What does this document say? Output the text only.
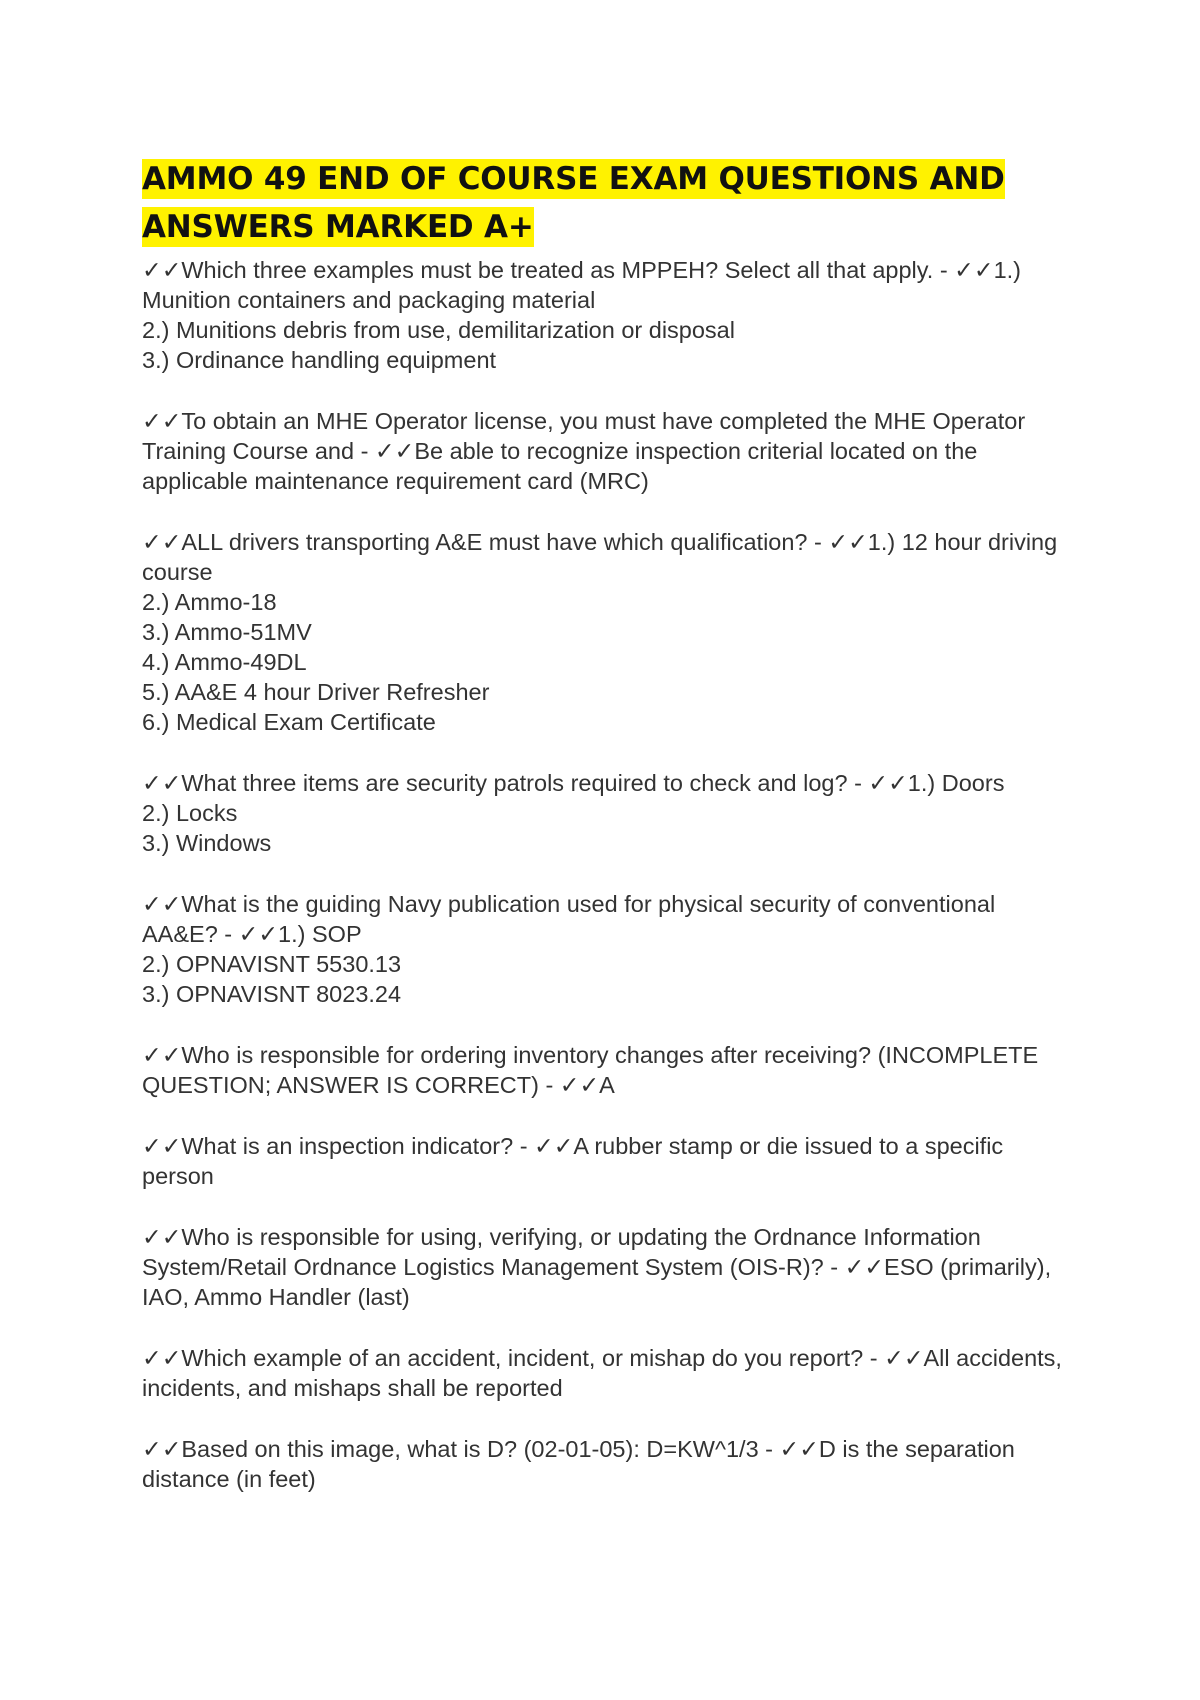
AMMO 49 END OF COURSE EXAM QUESTIONS AND
ANSWERS MARKED A+
✓✓Which three examples must be treated as MPPEH? Select all that apply. - ✓✓1.)
Munition containers and packaging material
2.) Munitions debris from use, demilitarization or disposal
3.) Ordinance handling equipment
✓✓To obtain an MHE Operator license, you must have completed the MHE Operator
Training Course and - ✓✓Be able to recognize inspection criterial located on the
applicable maintenance requirement card (MRC)
✓✓ALL drivers transporting A&E must have which qualification? - ✓✓1.) 12 hour driving
course
2.) Ammo-18
3.) Ammo-51MV
4.) Ammo-49DL
5.) AA&E 4 hour Driver Refresher
6.) Medical Exam Certificate
✓✓What three items are security patrols required to check and log? - ✓✓1.) Doors
2.) Locks
3.) Windows
✓✓What is the guiding Navy publication used for physical security of conventional
AA&E? - ✓✓1.) SOP
2.) OPNAVISNT 5530.13
3.) OPNAVISNT 8023.24
✓✓Who is responsible for ordering inventory changes after receiving? (INCOMPLETE
QUESTION; ANSWER IS CORRECT) - ✓✓A
✓✓What is an inspection indicator? - ✓✓A rubber stamp or die issued to a specific
person
✓✓Who is responsible for using, verifying, or updating the Ordnance Information
System/Retail Ordnance Logistics Management System (OIS-R)? - ✓✓ESO (primarily),
IAO, Ammo Handler (last)
✓✓Which example of an accident, incident, or mishap do you report? - ✓✓All accidents,
incidents, and mishaps shall be reported
✓✓Based on this image, what is D? (02-01-05): D=KW^1/3 - ✓✓D is the separation
distance (in feet)
